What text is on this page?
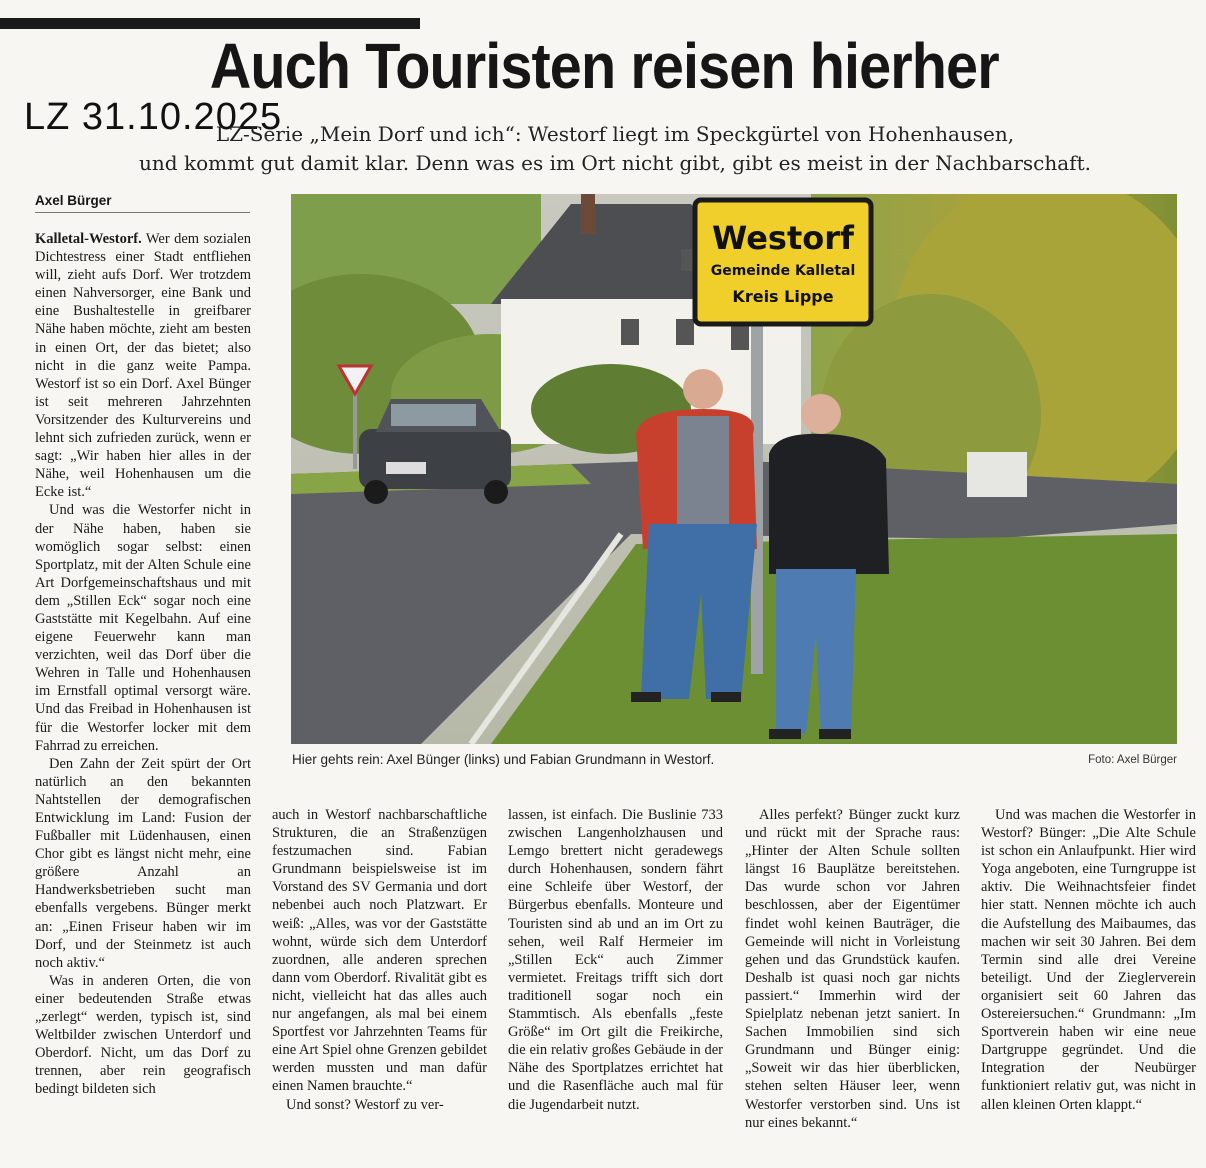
Auch Touristen reisen hierher
LZ 31.10.2025
LZ-Serie „Mein Dorf und ich“: Westorf liegt im Speckgürtel von Hohenhausen,
und kommt gut damit klar. Denn was es im Ort nicht gibt, gibt es meist in der Nachbarschaft.
Axel Bürger

Kalletal-Westorf. Wer dem sozialen Dichtestress einer Stadt entfliehen will, zieht aufs Dorf. Wer trotzdem einen Nahversorger, eine Bank und eine Bushaltestelle in greifbarer Nähe haben möchte, zieht am besten in einen Ort, der das bietet; also nicht in die ganz weite Pampa. Westorf ist so ein Dorf. Axel Bünger ist seit mehreren Jahrzehnten Vorsitzender des Kulturvereins und lehnt sich zufrieden zurück, wenn er sagt: „Wir haben hier alles in der Nähe, weil Hohenhausen um die Ecke ist.“

Und was die Westorfer nicht in der Nähe haben, haben sie womöglich sogar selbst: einen Sportplatz, mit der Alten Schule eine Art Dorfgemeinschaftshaus und mit dem „Stillen Eck“ sogar noch eine Gaststätte mit Kegelbahn. Auf eine eigene Feuerwehr kann man verzichten, weil das Dorf über die Wehren in Talle und Hohenhausen im Ernstfall optimal versorgt wäre. Und das Freibad in Hohenhausen ist für die Westorfer locker mit dem Fahrrad zu erreichen.

Den Zahn der Zeit spürt der Ort natürlich an den bekannten Nahtstellen der demografischen Entwicklung im Land: Fusion der Fußballer mit Lüdenhausen, einen Chor gibt es längst nicht mehr, eine größere Anzahl an Handwerksbetrieben sucht man ebenfalls vergebens. Bünger merkt an: „Einen Friseur haben wir im Dorf, und der Steinmetz ist auch noch aktiv.“

Was in anderen Orten, die von einer bedeutenden Straße etwas „zerlegt“ werden, typisch ist, sind Weltbilder zwischen Unterdorf und Oberdorf. Nicht, um das Dorf zu trennen, aber rein geografisch bedingt bildeten sich

Westorf
Gemeinde Kalletal
Kreis Lippe
Hier gehts rein: Axel Bünger (links) und Fabian Grundmann in Westorf.	Foto: Axel Bürger

auch in Westorf nachbarschaftliche Strukturen, die an Straßenzügen festzumachen sind. Fabian Grundmann beispielsweise ist im Vorstand des SV Germania und dort nebenbei auch noch Platzwart. Er weiß: „Alles, was vor der Gaststätte wohnt, würde sich dem Unterdorf zuordnen, alle anderen sprechen dann vom Oberdorf. Rivalität gibt es nicht, vielleicht hat das alles auch nur angefangen, als mal bei einem Sportfest vor Jahrzehnten Teams für eine Art Spiel ohne Grenzen gebildet werden mussten und man dafür einen Namen brauchte.“

Und sonst? Westorf zu ver-

lassen, ist einfach. Die Buslinie 733 zwischen Langenholzhausen und Lemgo brettert nicht geradewegs durch Hohenhausen, sondern fährt eine Schleife über Westorf, der Bürgerbus ebenfalls. Monteure und Touristen sind ab und an im Ort zu sehen, weil Ralf Hermeier im „Stillen Eck“ auch Zimmer vermietet. Freitags trifft sich dort traditionell sogar noch ein Stammtisch. Als ebenfalls „feste Größe“ im Ort gilt die Freikirche, die ein relativ großes Gebäude in der Nähe des Sportplatzes errichtet hat und die Rasenfläche auch mal für die Jugendarbeit nutzt.

Alles perfekt? Bünger zuckt kurz und rückt mit der Sprache raus: „Hinter der Alten Schule sollten längst 16 Bauplätze bereitstehen. Das wurde schon vor Jahren beschlossen, aber der Eigentümer findet wohl keinen Bauträger, die Gemeinde will nicht in Vorleistung gehen und das Grundstück kaufen. Deshalb ist quasi noch gar nichts passiert.“ Immerhin wird der Spielplatz nebenan jetzt saniert. In Sachen Immobilien sind sich Grundmann und Bünger einig: „Soweit wir das hier überblicken, stehen selten Häuser leer, wenn Westorfer verstorben sind. Uns ist nur eines bekannt.“

Und was machen die Westorfer in Westorf? Bünger: „Die Alte Schule ist schon ein Anlaufpunkt. Hier wird Yoga angeboten, eine Turngruppe ist aktiv. Die Weihnachtsfeier findet hier statt. Nennen möchte ich auch die Aufstellung des Maibaumes, das machen wir seit 30 Jahren. Bei dem Termin sind alle drei Vereine beteiligt. Und der Zieglerverein organisiert seit 60 Jahren das Ostereiersuchen.“ Grundmann: „Im Sportverein haben wir eine neue Dartgruppe gegründet. Und die Integration der Neubürger funktioniert relativ gut, was nicht in allen kleinen Orten klappt.“
